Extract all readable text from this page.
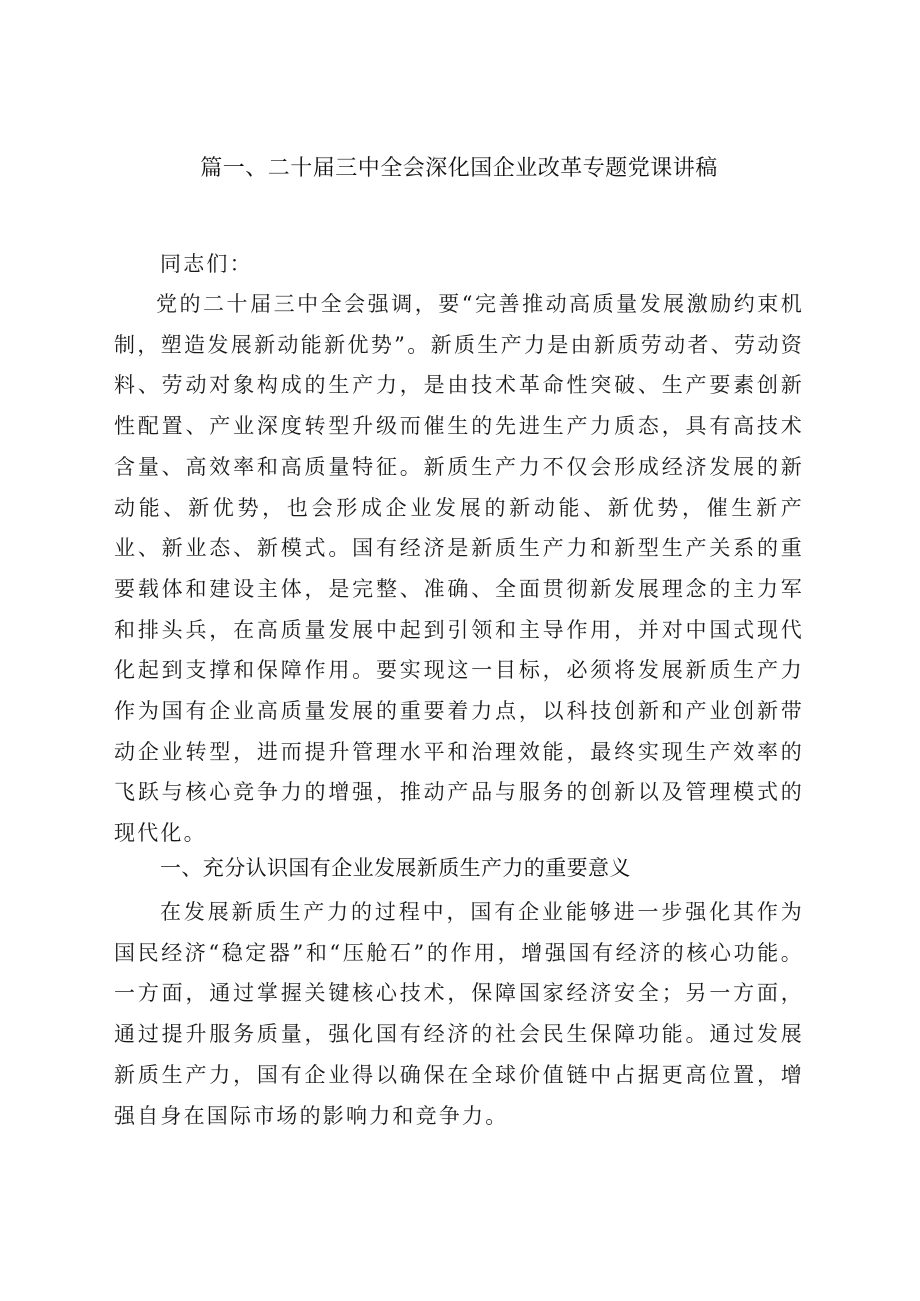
篇一、二十届三中全会深化国企业改革专题党课讲稿

同志们：

党的二十届三中全会强调，要“完善推动高质量发展激励约束机制，塑造发展新动能新优势”。新质生产力是由新质劳动者、劳动资料、劳动对象构成的生产力，是由技术革命性突破、生产要素创新性配置、产业深度转型升级而催生的先进生产力质态，具有高技术含量、高效率和高质量特征。新质生产力不仅会形成经济发展的新动能、新优势，也会形成企业发展的新动能、新优势，催生新产业、新业态、新模式。国有经济是新质生产力和新型生产关系的重要载体和建设主体，是完整、准确、全面贯彻新发展理念的主力军和排头兵，在高质量发展中起到引领和主导作用，并对中国式现代化起到支撑和保障作用。要实现这一目标，必须将发展新质生产力作为国有企业高质量发展的重要着力点，以科技创新和产业创新带动企业转型，进而提升管理水平和治理效能，最终实现生产效率的飞跃与核心竞争力的增强，推动产品与服务的创新以及管理模式的现代化。

一、充分认识国有企业发展新质生产力的重要意义

在发展新质生产力的过程中，国有企业能够进一步强化其作为国民经济“稳定器”和“压舱石”的作用，增强国有经济的核心功能。一方面，通过掌握关键核心技术，保障国家经济安全；另一方面，通过提升服务质量，强化国有经济的社会民生保障功能。通过发展新质生产力，国有企业得以确保在全球价值链中占据更高位置，增强自身在国际市场的影响力和竞争力。
